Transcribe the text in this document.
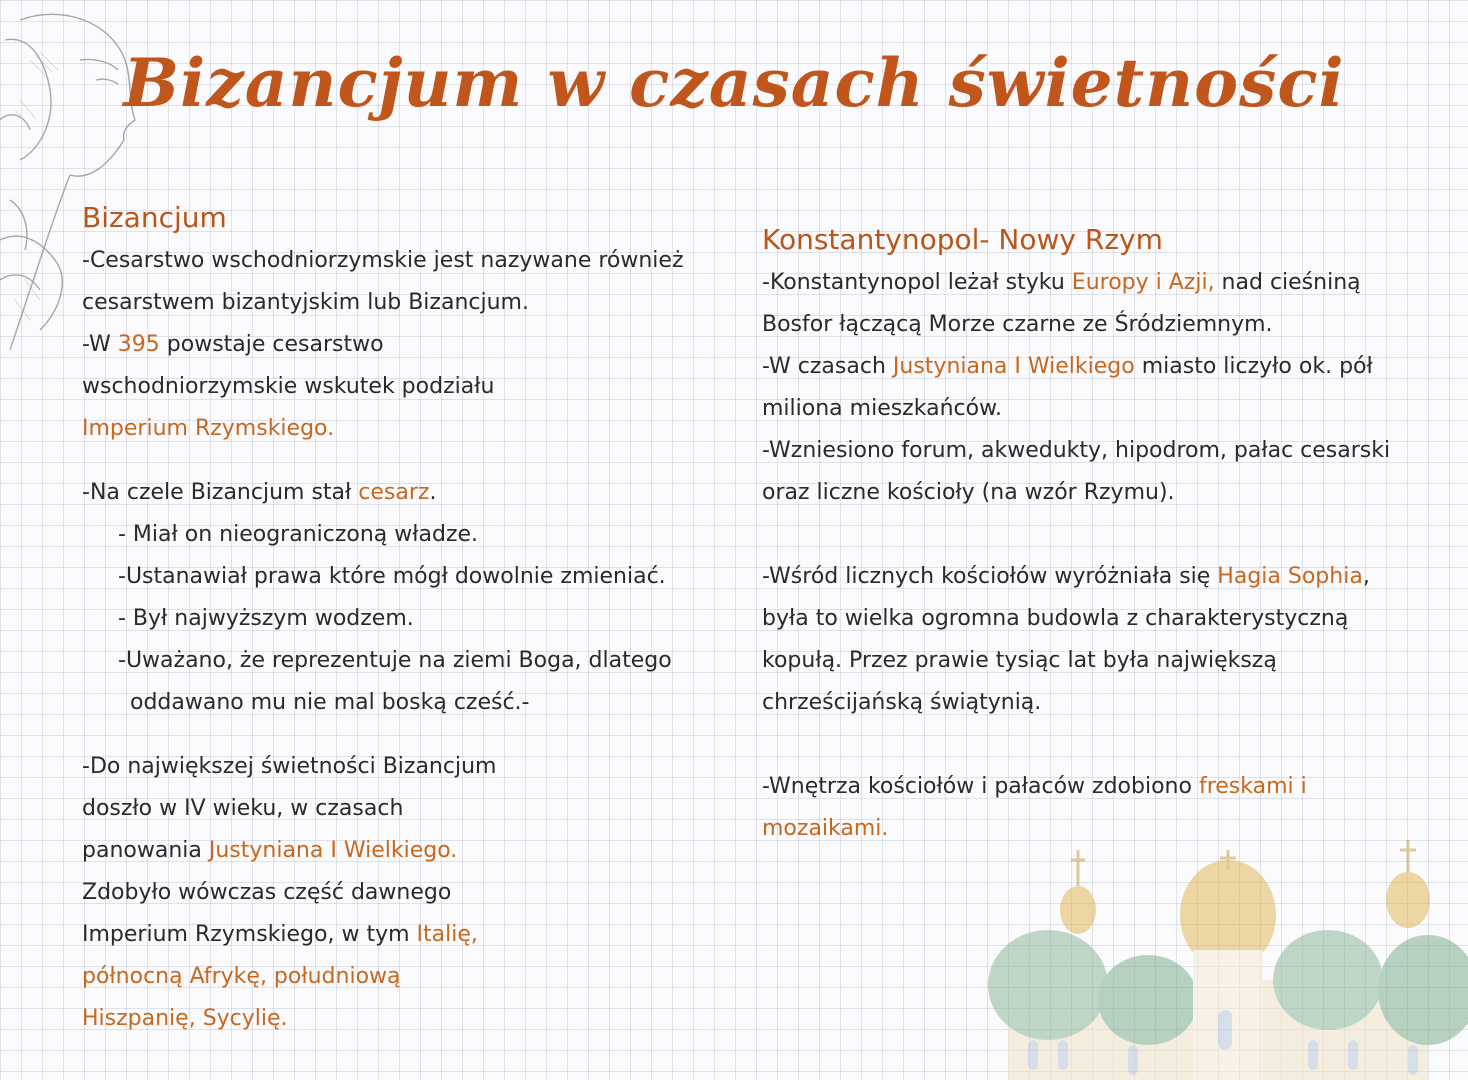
Bizancjum w czasach świetności
Bizancjum
-Cesarstwo wschodniorzymskie jest nazywane również
cesarstwem bizantyjskim lub Bizancjum.
-W 395 powstaje cesarstwo
wschodniorzymskie wskutek podziału
Imperium Rzymskiego.
-Na czele Bizancjum stał cesarz.
- Miał on nieograniczoną władze.
-Ustanawiał prawa które mógł dowolnie zmieniać.
- Był najwyższym wodzem.
-Uważano, że reprezentuje na ziemi Boga, dlatego
oddawano mu nie mal boską cześć.-
-Do największej świetności Bizancjum
doszło w IV wieku, w czasach
panowania Justyniana I Wielkiego.
Zdobyło wówczas część dawnego
Imperium Rzymskiego, w tym Italię,
północną Afrykę, południową
Hiszpanię, Sycylię.
Konstantynopol- Nowy Rzym
-Konstantynopol leżał styku Europy i Azji, nad cieśniną
Bosfor łączącą Morze czarne ze Śródziemnym.
-W czasach Justyniana I Wielkiego miasto liczyło ok. pół
miliona mieszkańców.
-Wzniesiono forum, akwedukty, hipodrom, pałac cesarski
oraz liczne kościoły (na wzór Rzymu).
-Wśród licznych kościołów wyróżniała się Hagia Sophia,
była to wielka ogromna budowla z charakterystyczną
kopułą. Przez prawie tysiąc lat była największą
chrześcijańską świątynią.
-Wnętrza kościołów i pałaców zdobiono freskami i
mozaikami.
